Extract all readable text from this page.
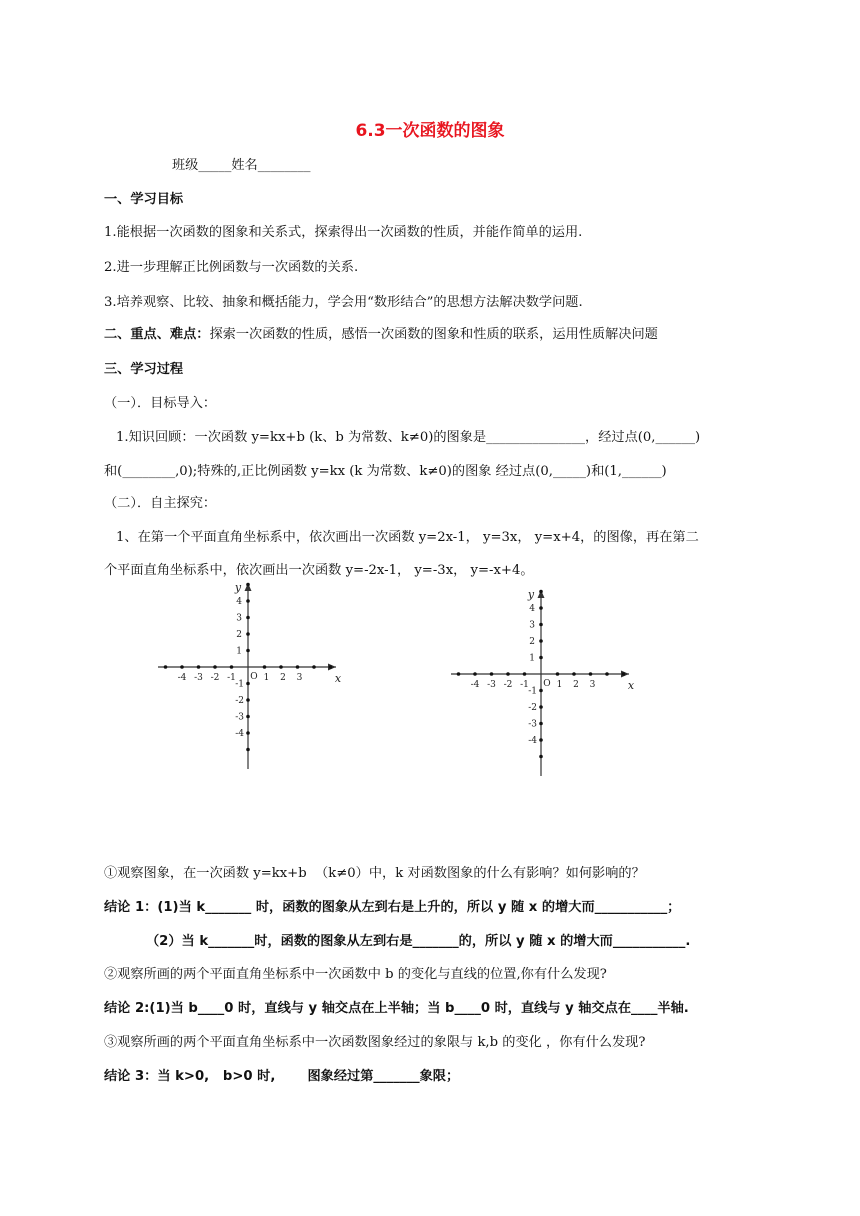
6.3一次函数的图象
班级_____姓名________
一、学习目标
1.能根据一次函数的图象和关系式，探索得出一次函数的性质，并能作简单的运用.
2.进一步理解正比例函数与一次函数的关系.
3.培养观察、比较、抽象和概括能力，学会用“数形结合”的思想方法解决数学问题.
二、重点、难点：探索一次函数的性质，感悟一次函数的图象和性质的联系，运用性质解决问题
三、学习过程
（一）．目标导入：
1.知识回顾：一次函数 y=kx+b (k、b 为常数、k≠0)的图象是_______________，经过点(0,______)
和(________,0);特殊的,正比例函数 y=kx (k 为常数、k≠0)的图象 经过点(0,_____)和(1,______)
（二）．自主探究：
1、在第一个平面直角坐标系中，依次画出一次函数 y=2x-1， y=3x， y=x+4，的图像，再在第二
个平面直角坐标系中，依次画出一次函数 y=-2x-1， y=-3x， y=-x+4。
y
x
O
-4 -3 -2 -1	1 2 3
4
3
2
1
-1
-2
-3
-4
y
x
O
-4 -3 -2 -1	1 2 3
4
3
2
1
-1
-2
-3
-4
①观察图象，在一次函数 y=kx+b  （k≠0）中，k 对函数图象的什么有影响？如何影响的？
结论 1：(1)当 k_______ 时，函数的图象从左到右是上升的，所以 y 随 x 的增大而___________；
（2）当 k_______时，函数的图象从左到右是_______的，所以 y 随 x 的增大而___________.
②观察所画的两个平面直角坐标系中一次函数中 b 的变化与直线的位置,你有什么发现?
结论 2:(1)当 b____0 时，直线与 y 轴交点在上半轴；当 b____0 时，直线与 y 轴交点在____半轴.
③观察所画的两个平面直角坐标系中一次函数图象经过的象限与 k,b 的变化 ，你有什么发现?
结论 3：当 k>0,   b>0 时,       图象经过第_______象限；
